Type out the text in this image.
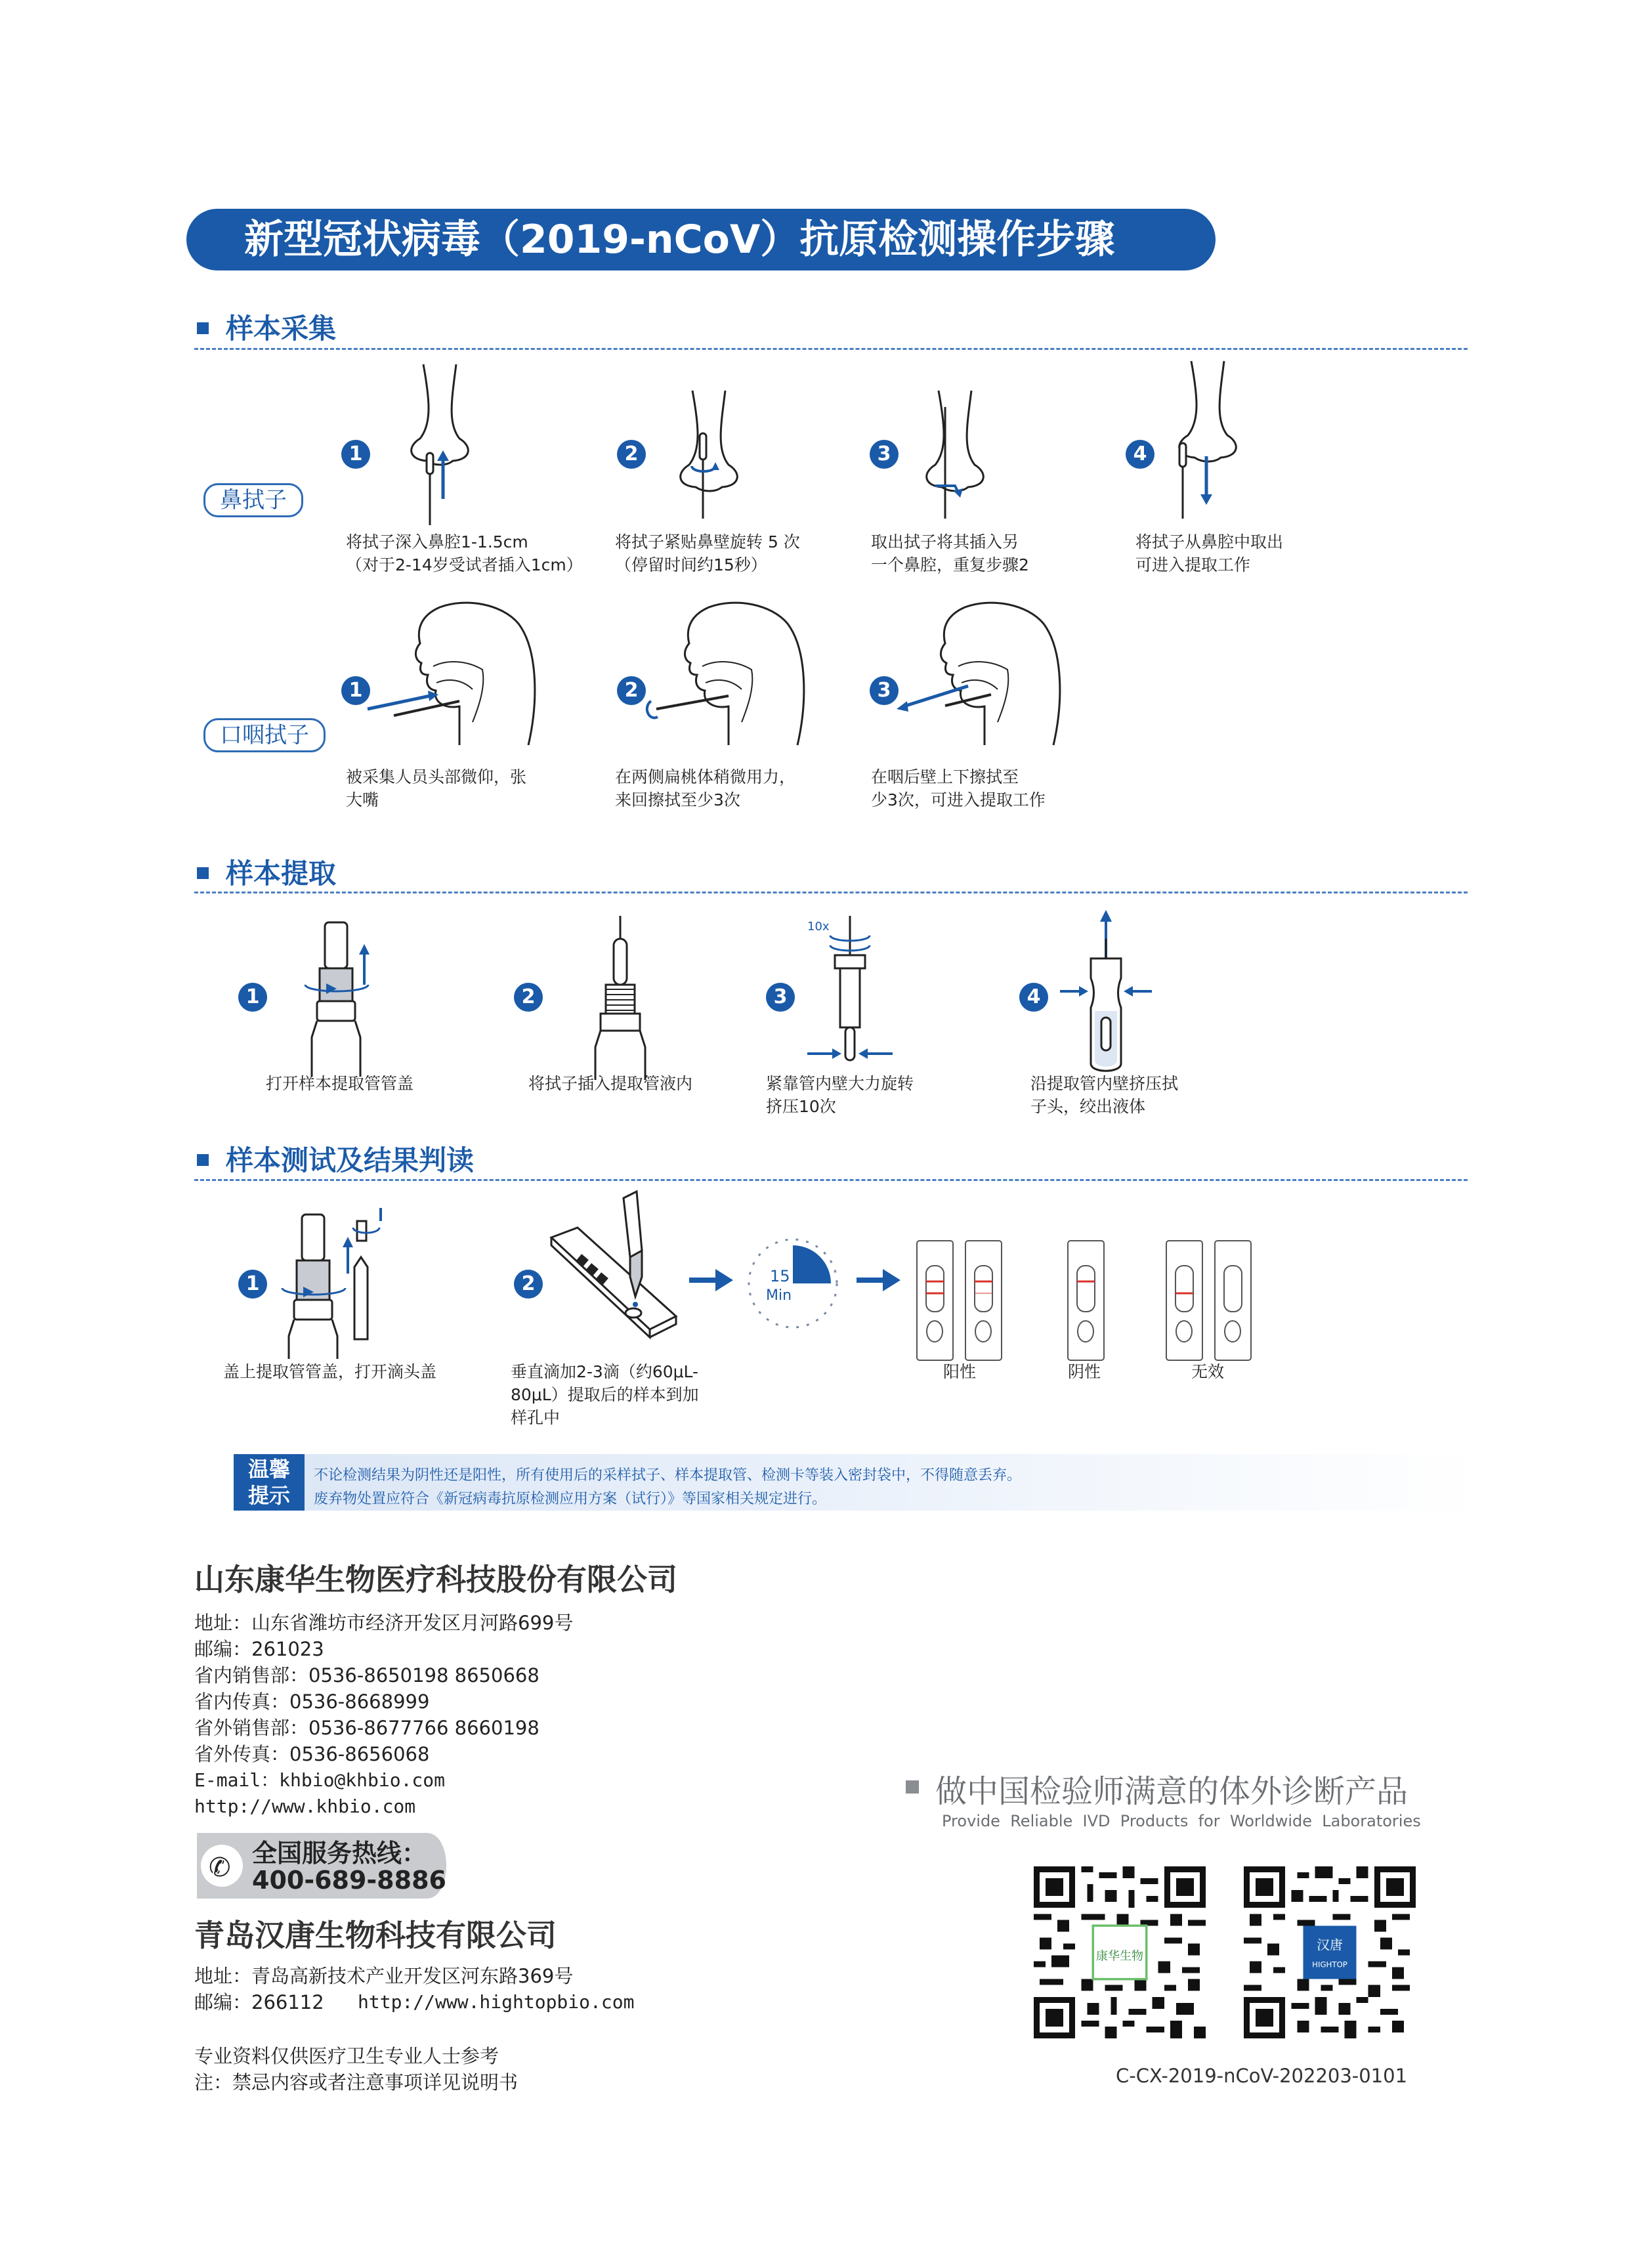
新型冠状病毒（2019-nCoV）抗原检测操作步骤
样本采集
鼻拭子
1	2	3	4
将拭子深入鼻腔1-1.5cm
（对于2-14岁受试者插入1cm）
将拭子紧贴鼻壁旋转 5 次
（停留时间约15秒）
取出拭子将其插入另
一个鼻腔，重复步骤2
将拭子从鼻腔中取出
可进入提取工作
口咽拭子
1	2	3
被采集人员头部微仰，张
大嘴
在两侧扁桃体稍微用力，
来回擦拭至少3次
在咽后壁上下擦拭至
少3次，可进入提取工作
样本提取
10x
1	2	3	4
打开样本提取管管盖	将拭子插入提取管液内	紧靠管内壁大力旋转
挤压10次
沿提取管内壁挤压拭
子头，绞出液体
样本测试及结果判读
15
Min
1	2
盖上提取管管盖，打开滴头盖	垂直滴加2-3滴（约60μL-
80μL）提取后的样本到加
样孔中
阳性	阴性	无效
温馨
提示
不论检测结果为阴性还是阳性，所有使用后的采样拭子、样本提取管、检测卡等装入密封袋中，不得随意丢弃。
废弃物处置应符合《新冠病毒抗原检测应用方案（试行）》等国家相关规定进行。
山东康华生物医疗科技股份有限公司
地址：山东省潍坊市经济开发区月河路699号
邮编：261023
省内销售部：0536-8650198 8650668
省内传真：0536-8668999
省外销售部：0536-8677766 8660198
省外传真：0536-8656068
E-mail：khbio@khbio.com
http://www.khbio.com
✆ 全国服务热线：
400-689-8886
青岛汉唐生物科技有限公司
地址：青岛高新技术产业开发区河东路369号
邮编：266112 http://www.hightopbio.com
专业资料仅供医疗卫生专业人士参考
注：禁忌内容或者注意事项详见说明书
做中国检验师满意的体外诊断产品
Provide  Reliable  IVD  Products  for  Worldwide  Laboratories
康华生物
汉唐
HIGHTOP
C-CX-2019-nCoV-202203-0101
